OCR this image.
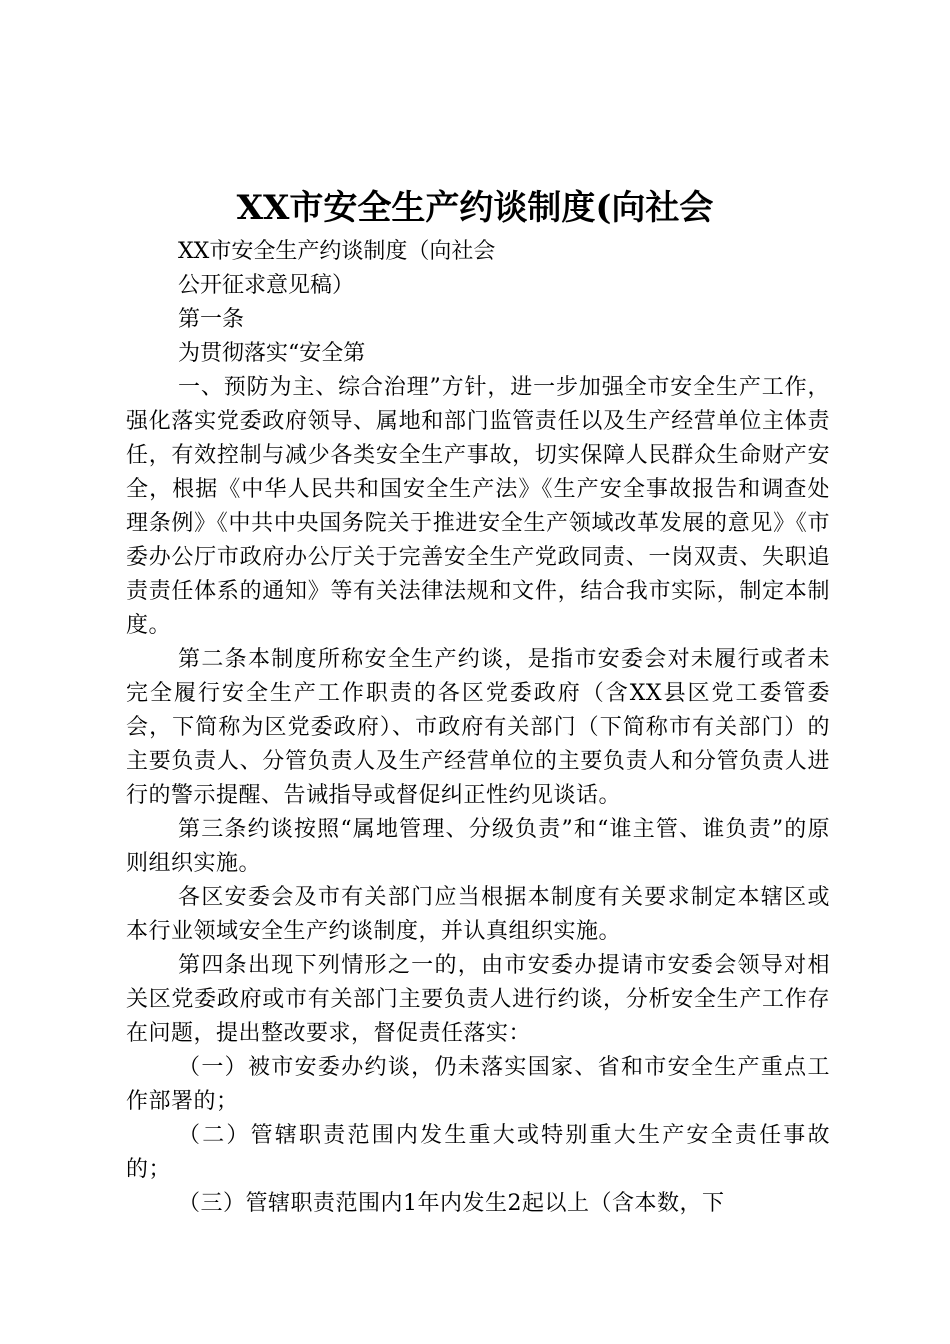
XX市安全生产约谈制度(向社会

XX市安全生产约谈制度（向社会

公开征求意见稿）

第一条

为贯彻落实“安全第

一、预防为主、综合治理”方针，进一步加强全市安全生产工作，强化落实党委政府领导、属地和部门监管责任以及生产经营单位主体责任，有效控制与减少各类安全生产事故，切实保障人民群众生命财产安全，根据《中华人民共和国安全生产法》《生产安全事故报告和调查处理条例》《中共中央国务院关于推进安全生产领域改革发展的意见》《市委办公厅市政府办公厅关于完善安全生产党政同责、一岗双责、失职追责责任体系的通知》等有关法律法规和文件，结合我市实际，制定本制度。

第二条本制度所称安全生产约谈，是指市安委会对未履行或者未完全履行安全生产工作职责的各区党委政府（含XX县区党工委管委会，下简称为区党委政府）、市政府有关部门（下简称市有关部门）的主要负责人、分管负责人及生产经营单位的主要负责人和分管负责人进行的警示提醒、告诫指导或督促纠正性约见谈话。

第三条约谈按照“属地管理、分级负责”和“谁主管、谁负责”的原则组织实施。

各区安委会及市有关部门应当根据本制度有关要求制定本辖区或本行业领域安全生产约谈制度，并认真组织实施。

第四条出现下列情形之一的，由市安委办提请市安委会领导对相关区党委政府或市有关部门主要负责人进行约谈，分析安全生产工作存在问题，提出整改要求，督促责任落实：

（一）被市安委办约谈，仍未落实国家、省和市安全生产重点工作部署的；

（二）管辖职责范围内发生重大或特别重大生产安全责任事故的；

（三）管辖职责范围内1年内发生2起以上（含本数，下
